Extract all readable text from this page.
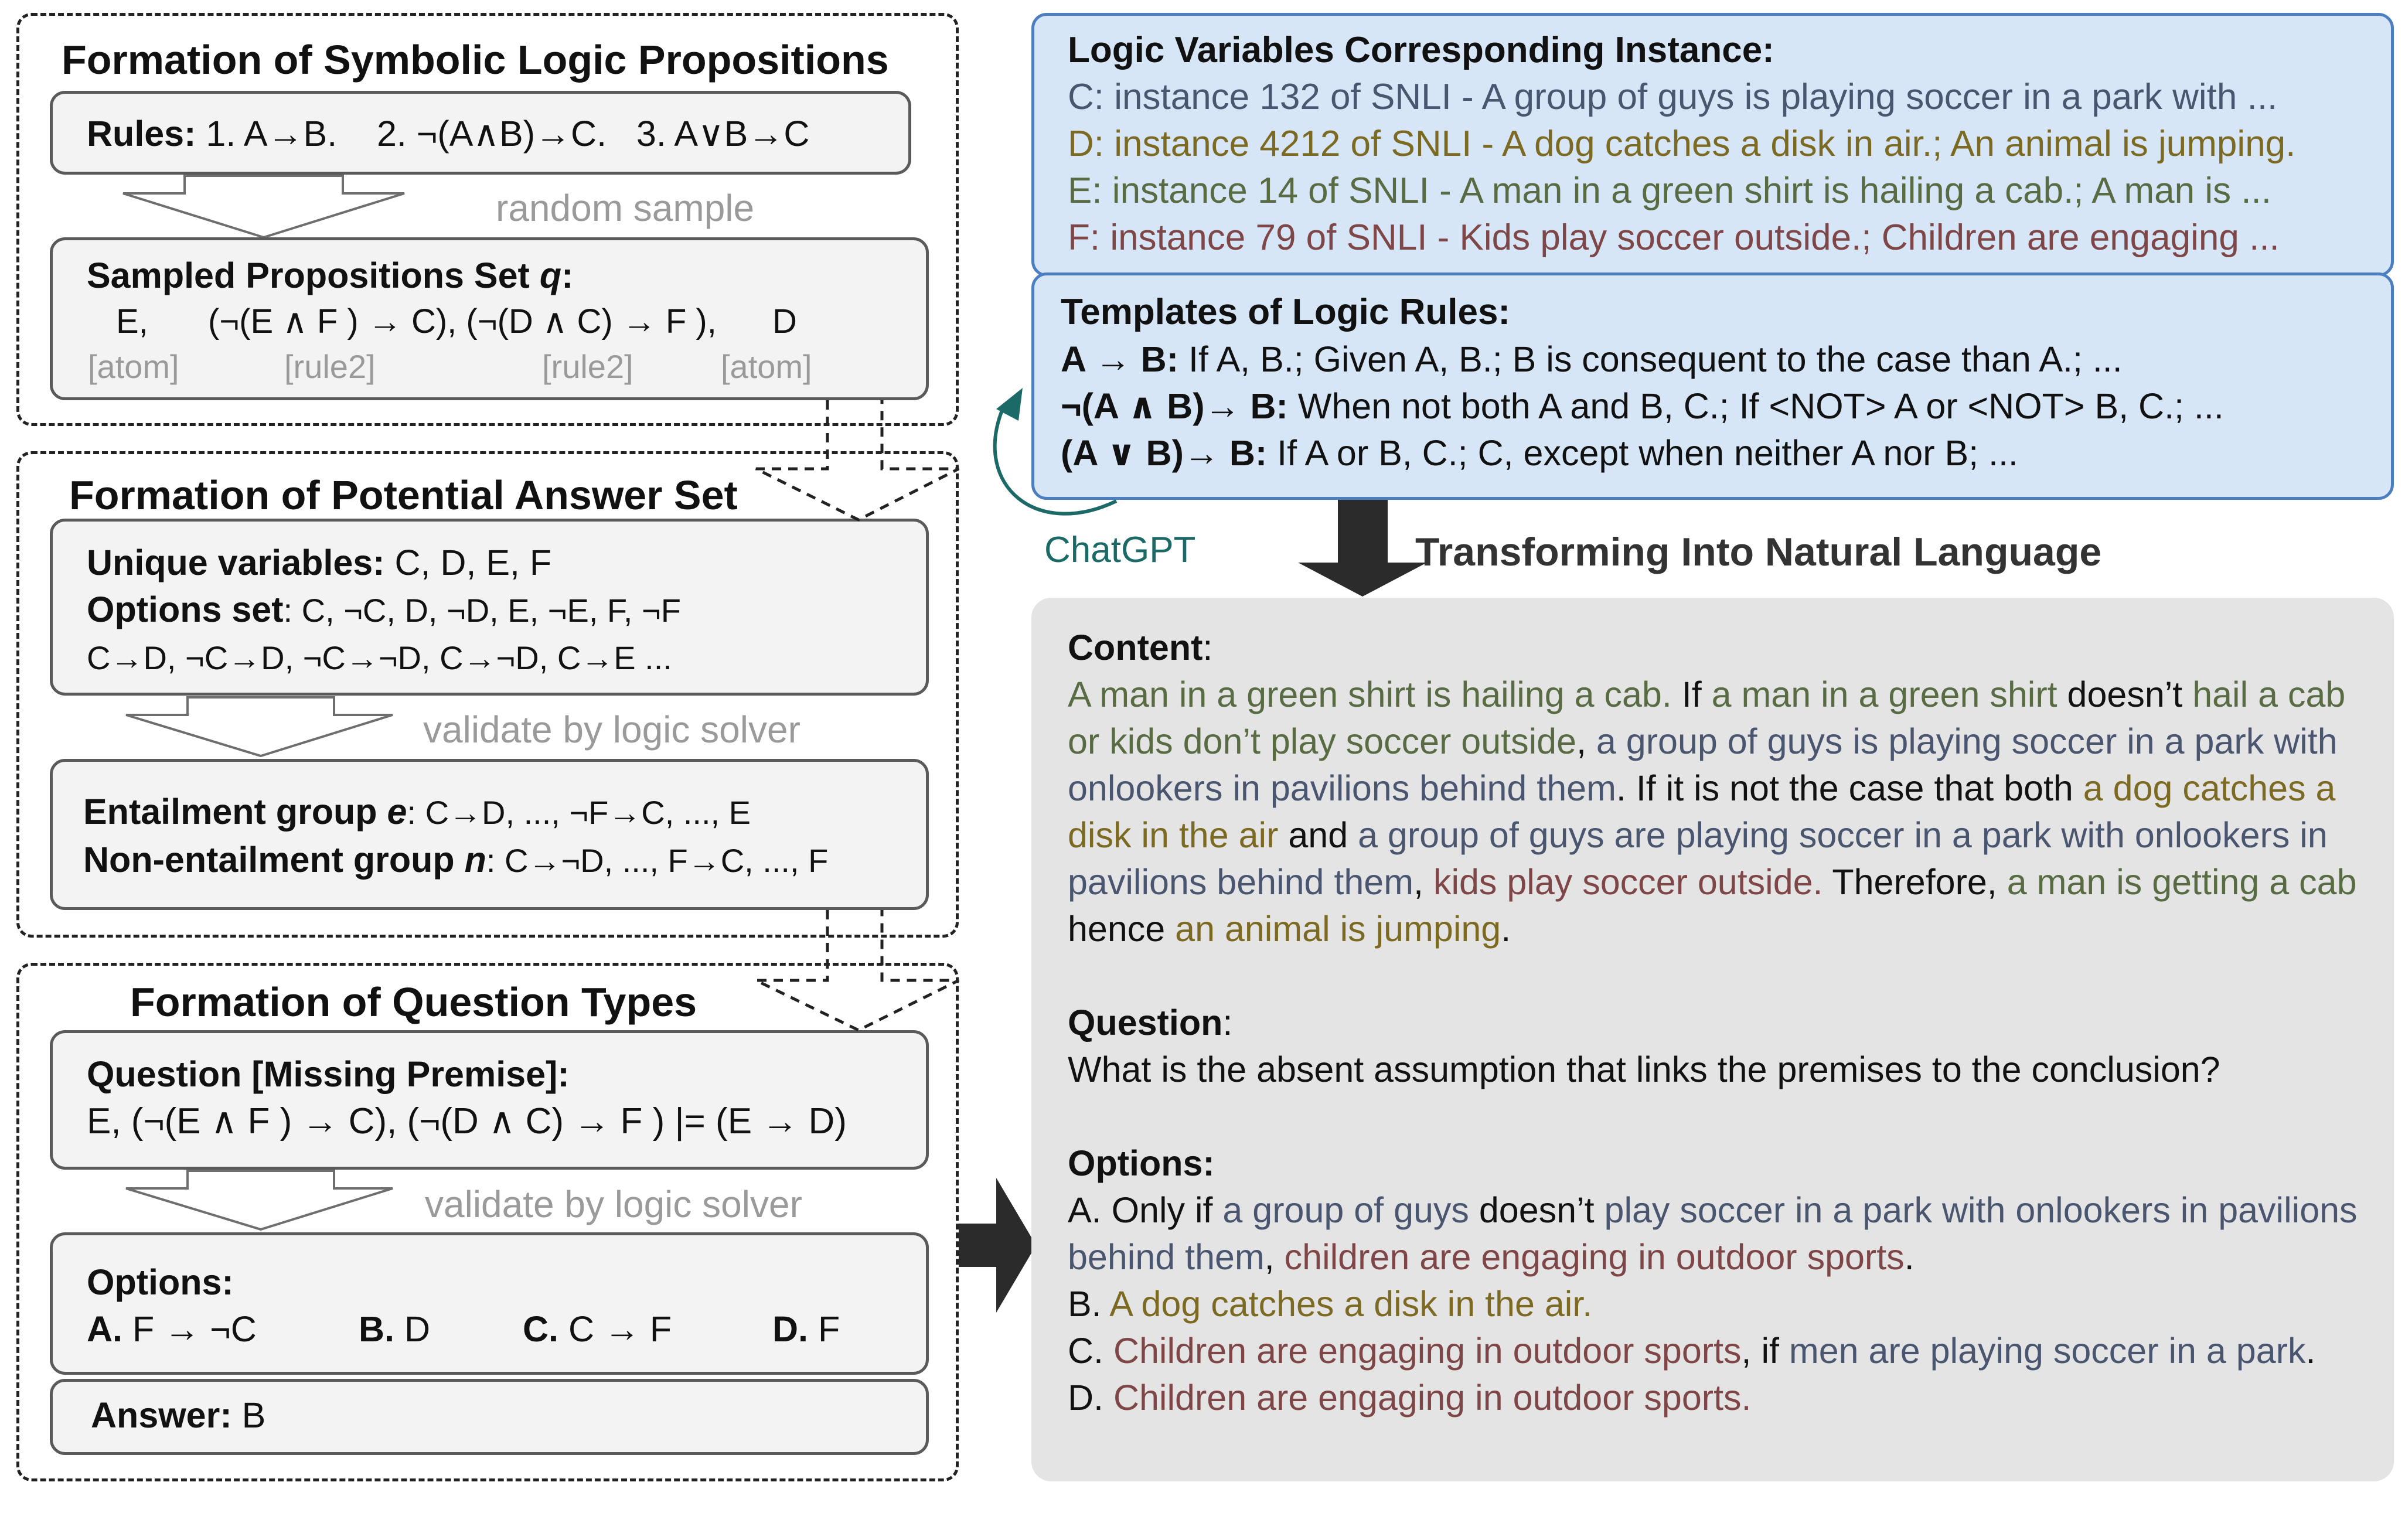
Formation of Symbolic Logic Propositions
Rules: 1. A→B.    2. ¬(A∧B)→C.   3. A∨B→C
random sample
Sampled Propositions Set q:
E, (¬(E ∧ F ) → C), (¬(D ∧ C) → F ), D
[atom]	[rule2]	[rule2]	[atom]
Formation of Potential Answer Set
Unique variables: C, D, E, F
Options set: C, ¬C, D, ¬D, E, ¬E, F, ¬F
C→D, ¬C→D, ¬C→¬D, C→¬D, C→E ...
validate by logic solver
Entailment group e: C→D, ..., ¬F→C, ..., E
Non-entailment group n: C→¬D, ..., F→C, ..., F
Formation of Question Types
Question [Missing Premise]:
E, (¬(E ∧ F ) → C), (¬(D ∧ C) → F ) |= (E → D)
validate by logic solver
Options:
A. F → ¬C	B. D	C. C → F	D. F
Answer: B
Logic Variables Corresponding Instance:
C: instance 132 of SNLI - A group of guys is playing soccer in a park with ...
D: instance 4212 of SNLI - A dog catches a disk in air.; An animal is jumping.
E: instance 14 of SNLI - A man in a green shirt is hailing a cab.; A man is ...
F: instance 79 of SNLI - Kids play soccer outside.; Children are engaging ...
Templates of Logic Rules:
A → B: If A, B.; Given A, B.; B is consequent to the case than A.; ...
¬(A ∧ B)→ B: When not both A and B, C.; If <NOT> A or <NOT> B, C.; ...
(A ∨ B)→ B: If A or B, C.; C, except when neither A nor B; ...
ChatGPT	Transforming Into Natural Language

Content:

A man in a green shirt is hailing a cab. If a man in a green shirt doesn’t hail a cab or kids don’t play soccer outside, a group of guys is playing soccer in a park with onlookers in pavilions behind them. If it is not the case that both a dog catches a disk in the air and a group of guys are playing soccer in a park with onlookers in pavilions behind them, kids play soccer outside. Therefore, a man is getting a cab hence an animal is jumping.

Question:

What is the absent assumption that links the premises to the conclusion?

Options:

A. Only if a group of guys doesn’t play soccer in a park with onlookers in pavilions behind them, children are engaging in outdoor sports.

B. A dog catches a disk in the air.

C. Children are engaging in outdoor sports, if men are playing soccer in a park.

D. Children are engaging in outdoor sports.
